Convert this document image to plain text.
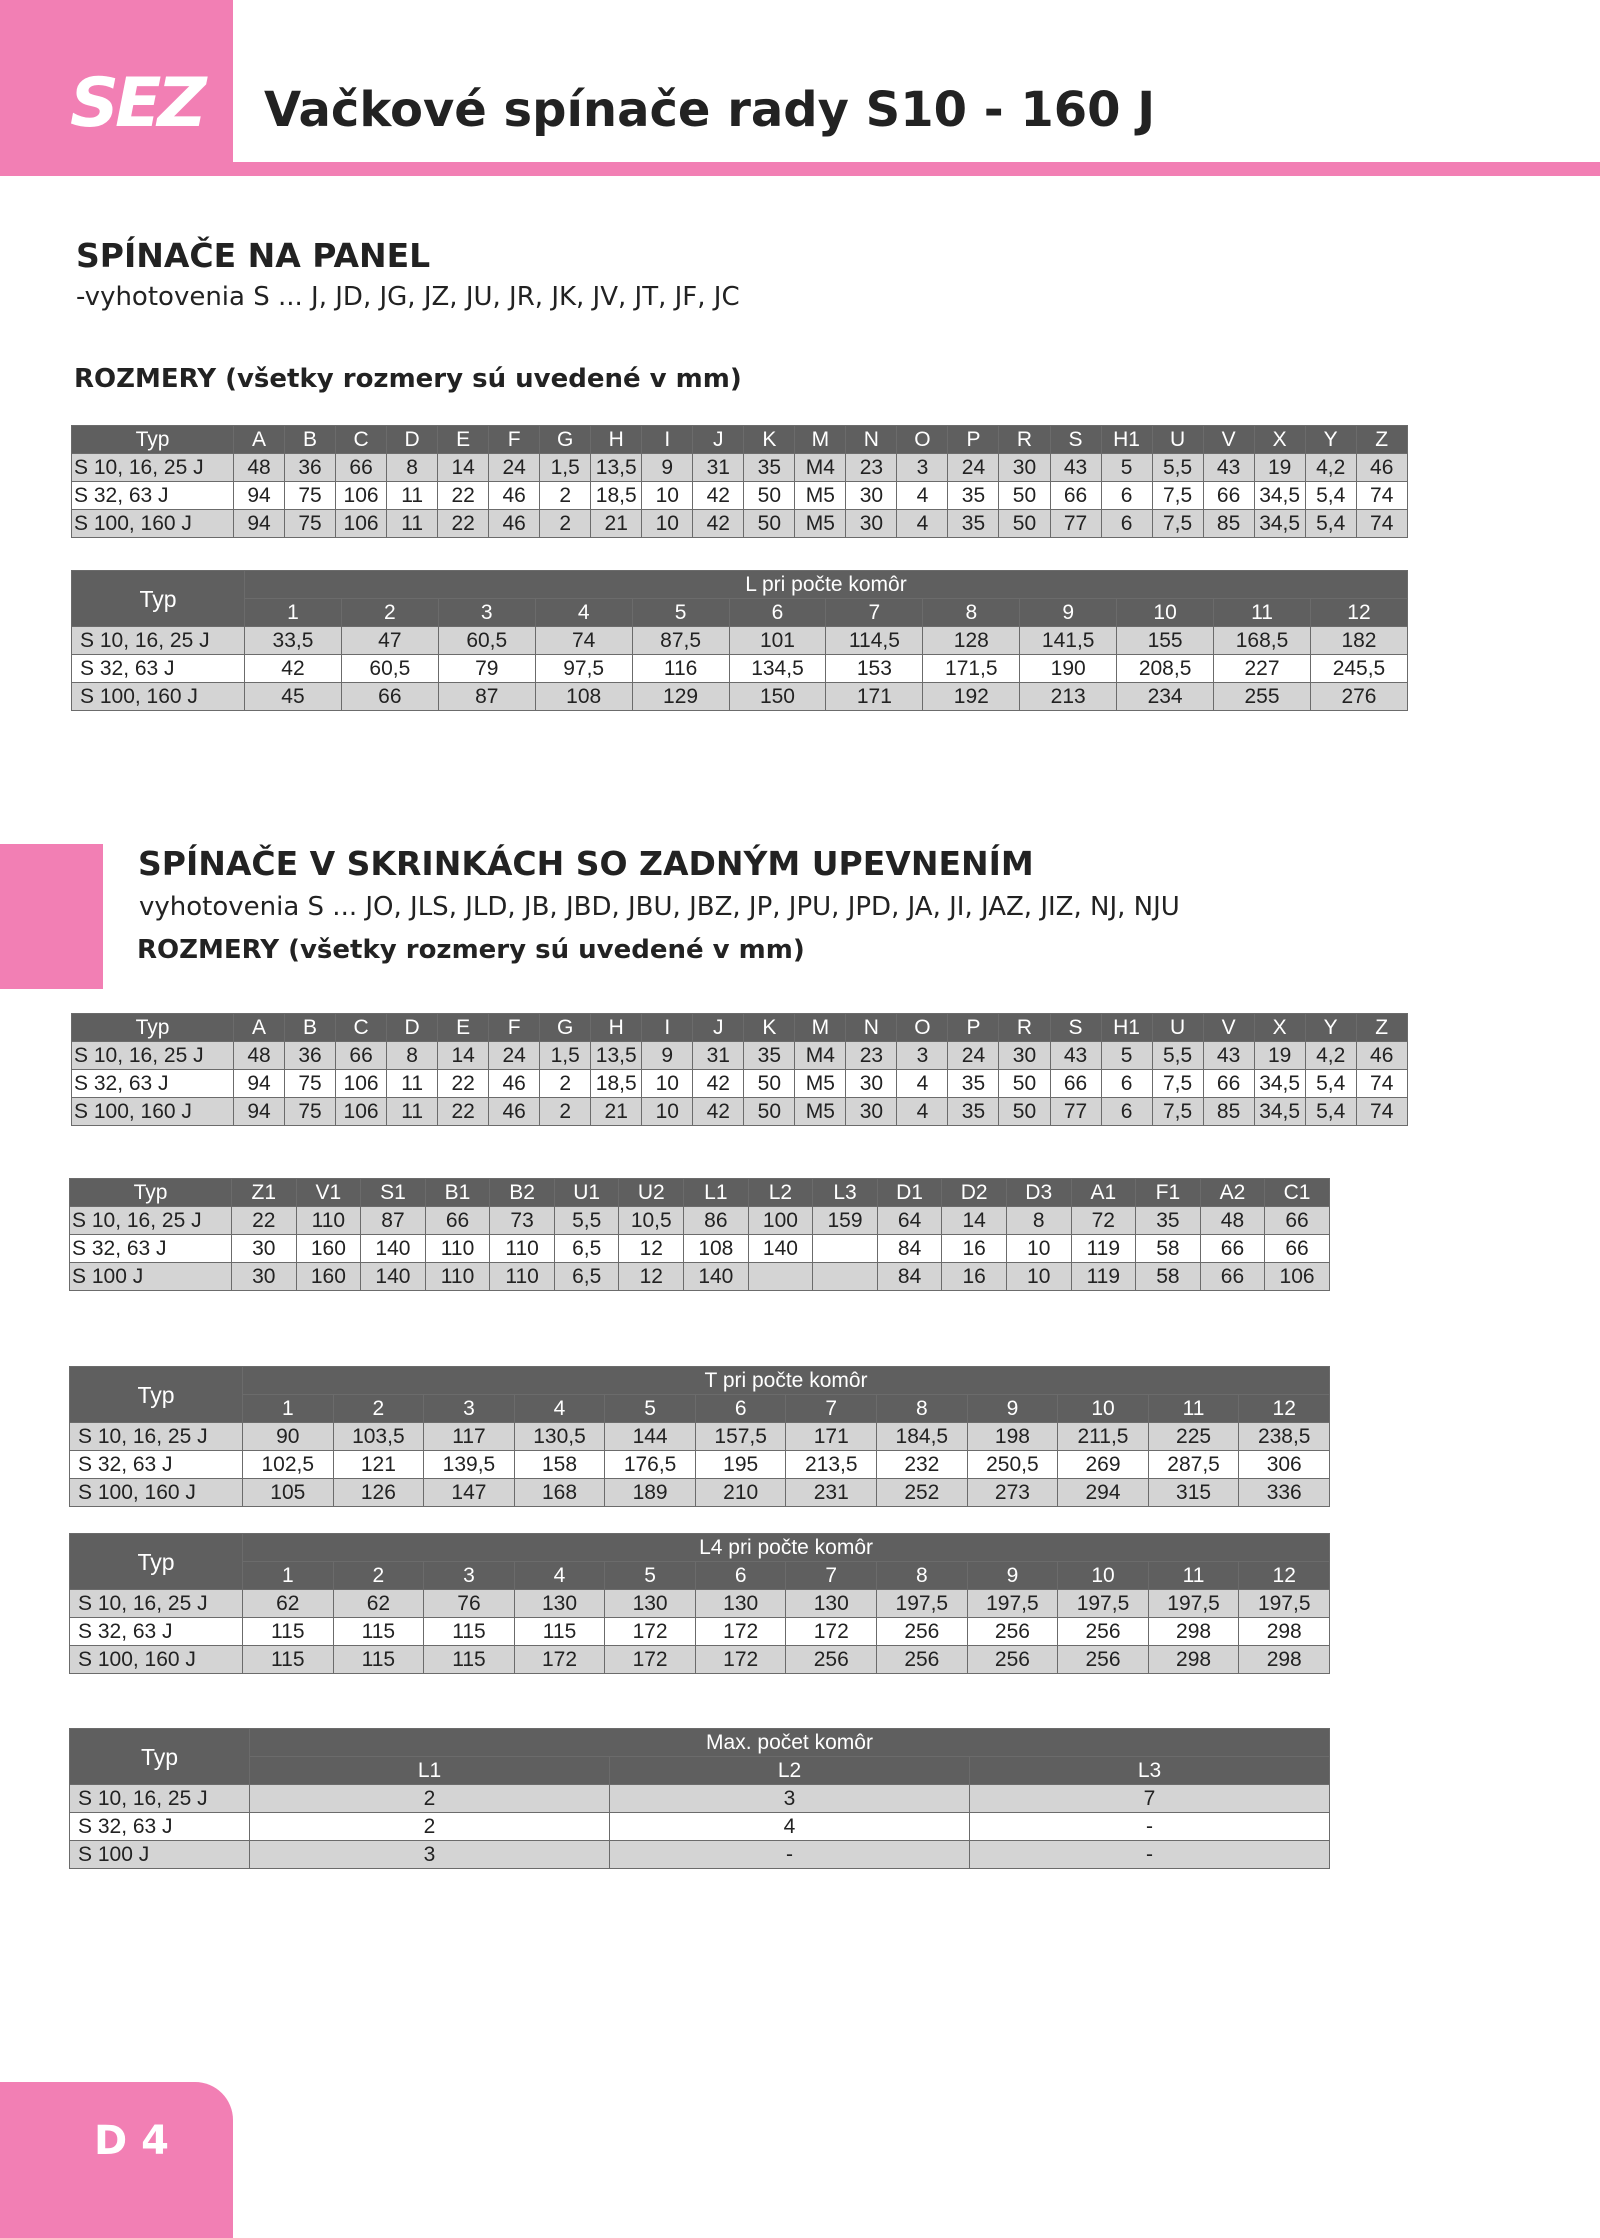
SEZ Vačkové spínače rady S10 - 160 J
SPÍNAČE NA PANEL
-vyhotovenia S ... J, JD, JG, JZ, JU, JR, JK, JV, JT, JF, JC
ROZMERY (všetky rozmery sú uvedené v mm)
Typ	A	B	C	D	E	F	G	H	I	J	K	M	N	O	P	R	S	H1	U	V	X	Y	Z
S 10, 16, 25 J	48	36	66	8	14	24	1,5	13,5	9	31	35	M4	23	3	24	30	43	5	5,5	43	19	4,2	46
S 32, 63 J	94	75	106	11	22	46	2	18,5	10	42	50	M5	30	4	35	50	66	6	7,5	66	34,5	5,4	74
S 100, 160 J	94	75	106	11	22	46	2	21	10	42	50	M5	30	4	35	50	77	6	7,5	85	34,5	5,4	74
Typ	L pri počte komôr											
	1	2	3	4	5	6	7	8	9	10	11	12
S 10, 16, 25 J	33,5	47	60,5	74	87,5	101	114,5	128	141,5	155	168,5	182
S 32, 63 J	42	60,5	79	97,5	116	134,5	153	171,5	190	208,5	227	245,5
S 100, 160 J	45	66	87	108	129	150	171	192	213	234	255	276
SPÍNAČE V SKRINKÁCH SO ZADNÝM UPEVNENÍM
vyhotovenia S ... JO, JLS, JLD, JB, JBD, JBU, JBZ, JP, JPU, JPD, JA, JI, JAZ, JIZ, NJ, NJU
ROZMERY (všetky rozmery sú uvedené v mm)
Typ	A	B	C	D	E	F	G	H	I	J	K	M	N	O	P	R	S	H1	U	V	X	Y	Z
S 10, 16, 25 J	48	36	66	8	14	24	1,5	13,5	9	31	35	M4	23	3	24	30	43	5	5,5	43	19	4,2	46
S 32, 63 J	94	75	106	11	22	46	2	18,5	10	42	50	M5	30	4	35	50	66	6	7,5	66	34,5	5,4	74
S 100, 160 J	94	75	106	11	22	46	2	21	10	42	50	M5	30	4	35	50	77	6	7,5	85	34,5	5,4	74
Typ	Z1	V1	S1	B1	B2	U1	U2	L1	L2	L3	D1	D2	D3	A1	F1	A2	C1
S 10, 16, 25 J	22	110	87	66	73	5,5	10,5	86	100	159	64	14	8	72	35	48	66
S 32, 63 J	30	160	140	110	110	6,5	12	108	140		84	16	10	119	58	66	66
S 100 J	30	160	140	110	110	6,5	12	140			84	16	10	119	58	66	106
Typ	T pri počte komôr											
	1	2	3	4	5	6	7	8	9	10	11	12
S 10, 16, 25 J	90	103,5	117	130,5	144	157,5	171	184,5	198	211,5	225	238,5
S 32, 63 J	102,5	121	139,5	158	176,5	195	213,5	232	250,5	269	287,5	306
S 100, 160 J	105	126	147	168	189	210	231	252	273	294	315	336
Typ	L4 pri počte komôr											
	1	2	3	4	5	6	7	8	9	10	11	12
S 10, 16, 25 J	62	62	76	130	130	130	130	197,5	197,5	197,5	197,5	197,5
S 32, 63 J	115	115	115	115	172	172	172	256	256	256	298	298
S 100, 160 J	115	115	115	172	172	172	256	256	256	256	298	298
Typ	Max. počet komôr		
	L1	L2	L3
S 10, 16, 25 J	2	3	7
S 32, 63 J	2	4	-
S 100 J	3	-	-
D 4
